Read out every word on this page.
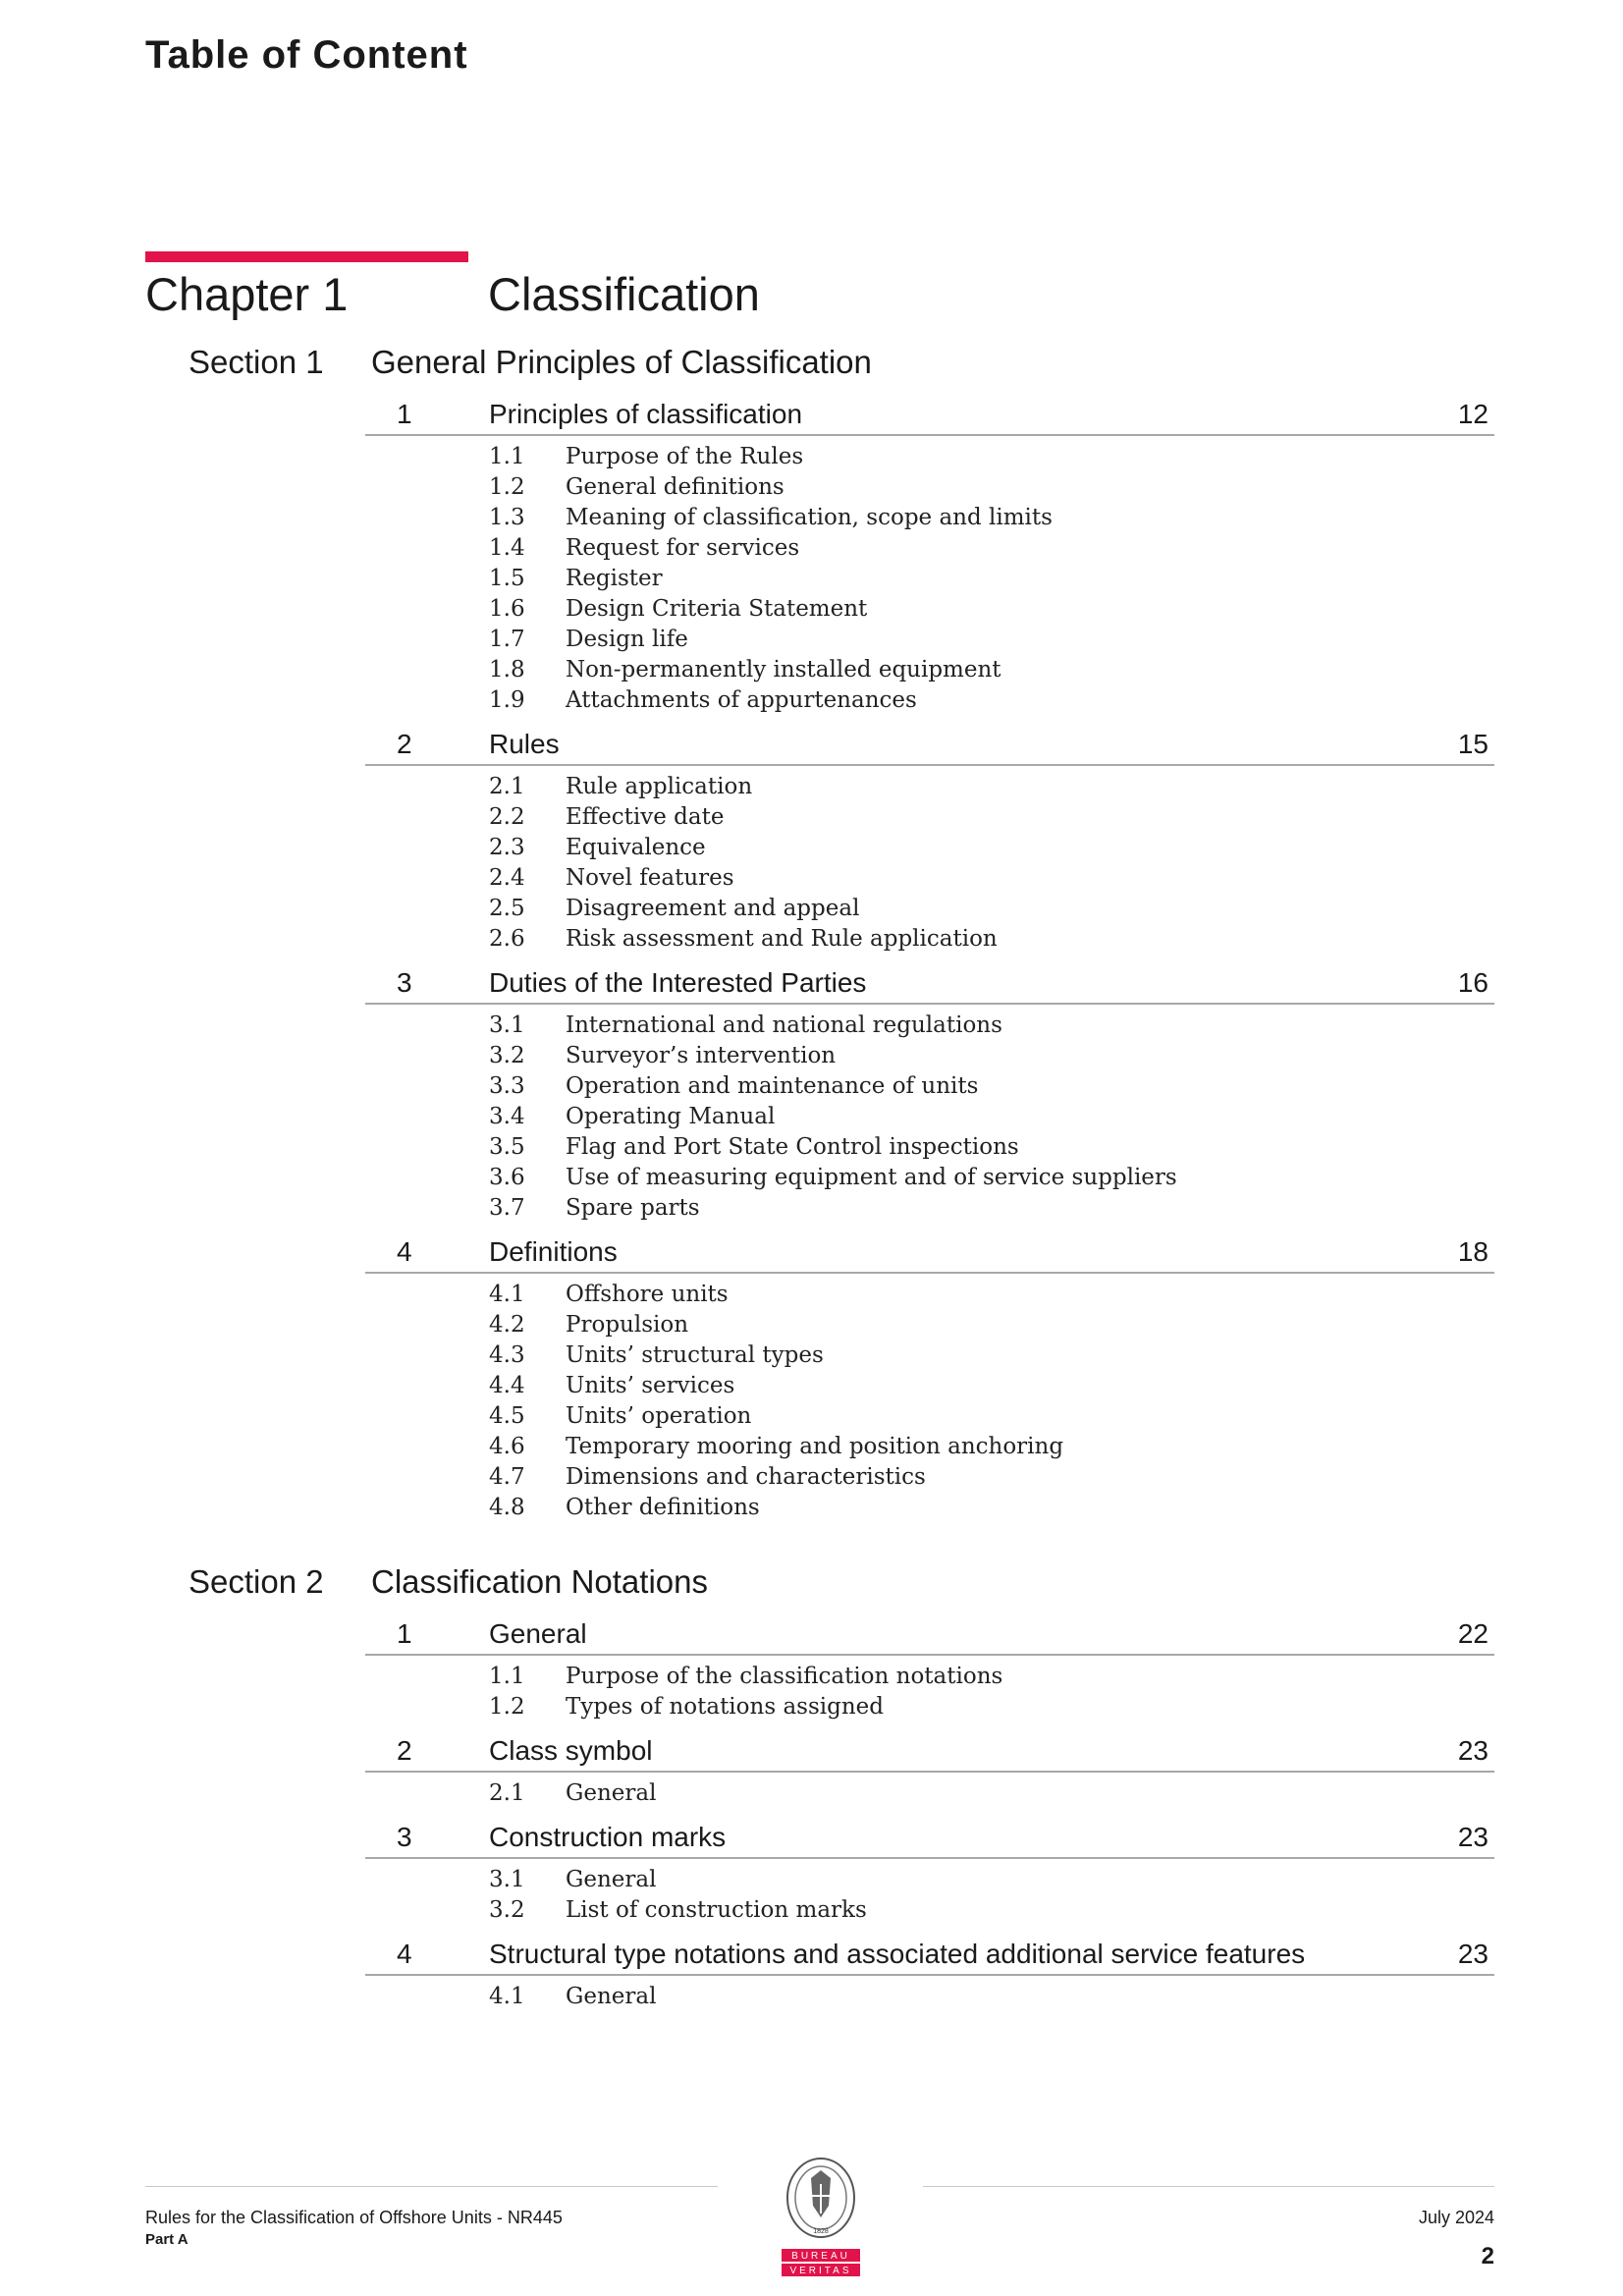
Table of Content
Chapter 1	Classification
Section 1 General Principles of Classification
1	Principles of classification	12
1.1 Purpose of the Rules
1.2 General definitions
1.3 Meaning of classification, scope and limits
1.4 Request for services
1.5 Register
1.6 Design Criteria Statement
1.7 Design life
1.8 Non-permanently installed equipment
1.9 Attachments of appurtenances
2	Rules	15
2.1 Rule application
2.2 Effective date
2.3 Equivalence
2.4 Novel features
2.5 Disagreement and appeal
2.6 Risk assessment and Rule application
3	Duties of the Interested Parties	16
3.1 International and national regulations
3.2 Surveyor’s intervention
3.3 Operation and maintenance of units
3.4 Operating Manual
3.5 Flag and Port State Control inspections
3.6 Use of measuring equipment and of service suppliers
3.7 Spare parts
4	Definitions	18
4.1 Offshore units
4.2 Propulsion
4.3 Units’ structural types
4.4 Units’ services
4.5 Units’ operation
4.6 Temporary mooring and position anchoring
4.7 Dimensions and characteristics
4.8 Other definitions
Section 2 Classification Notations
1	General	22
1.1 Purpose of the classification notations
1.2 Types of notations assigned
2	Class symbol	23
2.1 General
3	Construction marks	23
3.1 General
3.2 List of construction marks
4	Structural type notations and associated additional service features	23
4.1 General
1828
BUREAU
VERITAS
Rules for the Classification of Offshore Units - NR445
Part A
July 2024
2
